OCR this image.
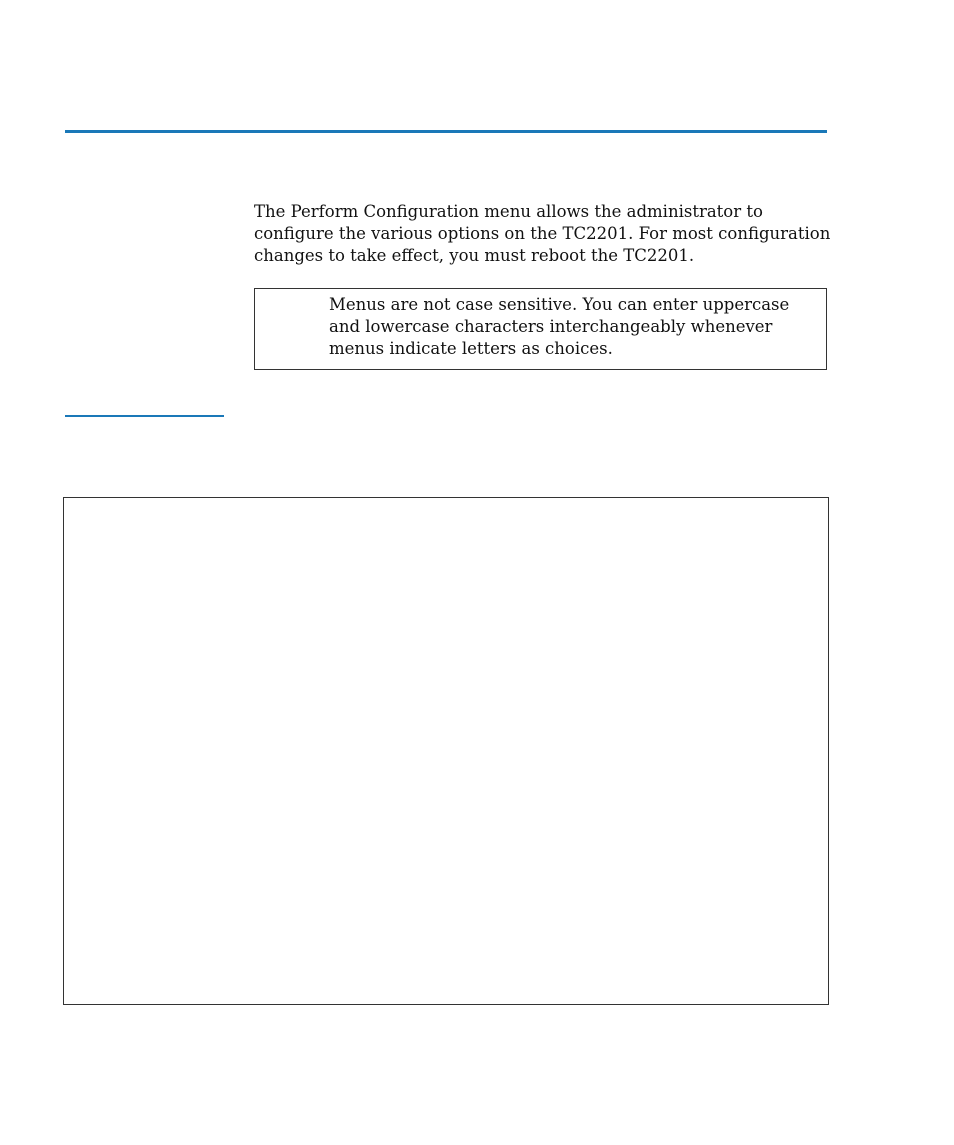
The Perform Configuration menu allows the administrator to configure the various options on the TC2201. For most configuration changes to take effect, you must reboot the TC2201.

Menus are not case sensitive. You can enter uppercase and lowercase characters interchangeably whenever menus indicate letters as choices.
